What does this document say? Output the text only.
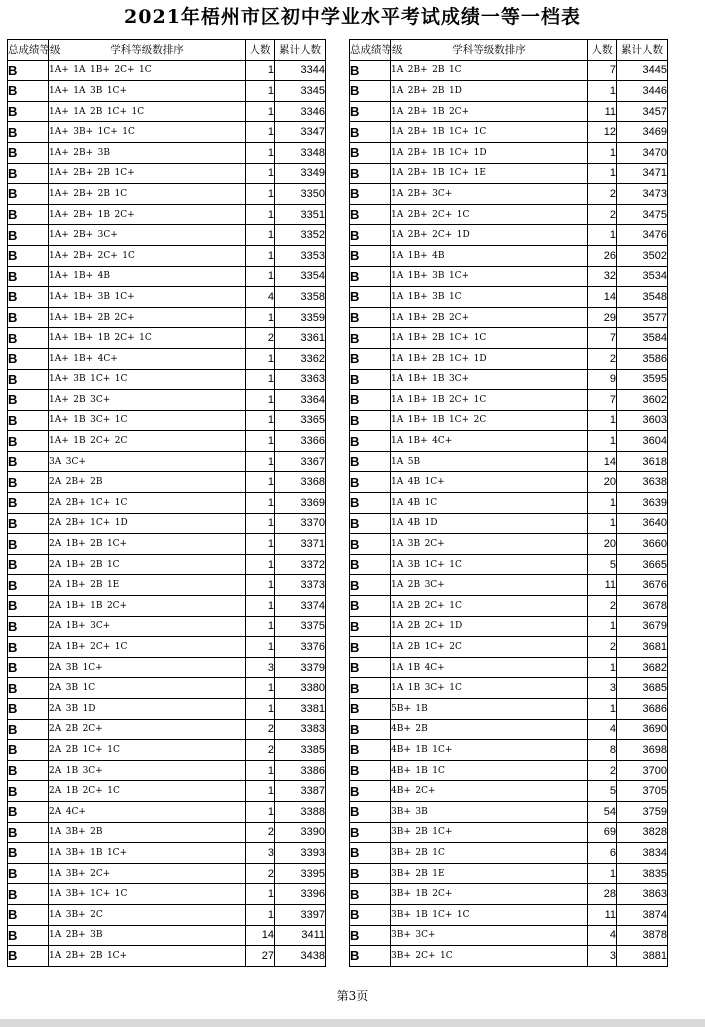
2021年梧州市区初中学业水平考试成绩一等一档表
总成绩等级	学科等级数排序	人数	累计人数
B	1A+ 1A 1B+ 2C+ 1C	1	3344
B	1A+ 1A 3B 1C+	1	3345
B	1A+ 1A 2B 1C+ 1C	1	3346
B	1A+ 3B+ 1C+ 1C	1	3347
B	1A+ 2B+ 3B	1	3348
B	1A+ 2B+ 2B 1C+	1	3349
B	1A+ 2B+ 2B 1C	1	3350
B	1A+ 2B+ 1B 2C+	1	3351
B	1A+ 2B+ 3C+	1	3352
B	1A+ 2B+ 2C+ 1C	1	3353
B	1A+ 1B+ 4B	1	3354
B	1A+ 1B+ 3B 1C+	4	3358
B	1A+ 1B+ 2B 2C+	1	3359
B	1A+ 1B+ 1B 2C+ 1C	2	3361
B	1A+ 1B+ 4C+	1	3362
B	1A+ 3B 1C+ 1C	1	3363
B	1A+ 2B 3C+	1	3364
B	1A+ 1B 3C+ 1C	1	3365
B	1A+ 1B 2C+ 2C	1	3366
B	3A 3C+	1	3367
B	2A 2B+ 2B	1	3368
B	2A 2B+ 1C+ 1C	1	3369
B	2A 2B+ 1C+ 1D	1	3370
B	2A 1B+ 2B 1C+	1	3371
B	2A 1B+ 2B 1C	1	3372
B	2A 1B+ 2B 1E	1	3373
B	2A 1B+ 1B 2C+	1	3374
B	2A 1B+ 3C+	1	3375
B	2A 1B+ 2C+ 1C	1	3376
B	2A 3B 1C+	3	3379
B	2A 3B 1C	1	3380
B	2A 3B 1D	1	3381
B	2A 2B 2C+	2	3383
B	2A 2B 1C+ 1C	2	3385
B	2A 1B 3C+	1	3386
B	2A 1B 2C+ 1C	1	3387
B	2A 4C+	1	3388
B	1A 3B+ 2B	2	3390
B	1A 3B+ 1B 1C+	3	3393
B	1A 3B+ 2C+	2	3395
B	1A 3B+ 1C+ 1C	1	3396
B	1A 3B+ 2C	1	3397
B	1A 2B+ 3B	14	3411
B	1A 2B+ 2B 1C+	27	3438
总成绩等级	学科等级数排序	人数	累计人数
B	1A 2B+ 2B 1C	7	3445
B	1A 2B+ 2B 1D	1	3446
B	1A 2B+ 1B 2C+	11	3457
B	1A 2B+ 1B 1C+ 1C	12	3469
B	1A 2B+ 1B 1C+ 1D	1	3470
B	1A 2B+ 1B 1C+ 1E	1	3471
B	1A 2B+ 3C+	2	3473
B	1A 2B+ 2C+ 1C	2	3475
B	1A 2B+ 2C+ 1D	1	3476
B	1A 1B+ 4B	26	3502
B	1A 1B+ 3B 1C+	32	3534
B	1A 1B+ 3B 1C	14	3548
B	1A 1B+ 2B 2C+	29	3577
B	1A 1B+ 2B 1C+ 1C	7	3584
B	1A 1B+ 2B 1C+ 1D	2	3586
B	1A 1B+ 1B 3C+	9	3595
B	1A 1B+ 1B 2C+ 1C	7	3602
B	1A 1B+ 1B 1C+ 2C	1	3603
B	1A 1B+ 4C+	1	3604
B	1A 5B	14	3618
B	1A 4B 1C+	20	3638
B	1A 4B 1C	1	3639
B	1A 4B 1D	1	3640
B	1A 3B 2C+	20	3660
B	1A 3B 1C+ 1C	5	3665
B	1A 2B 3C+	11	3676
B	1A 2B 2C+ 1C	2	3678
B	1A 2B 2C+ 1D	1	3679
B	1A 2B 1C+ 2C	2	3681
B	1A 1B 4C+	1	3682
B	1A 1B 3C+ 1C	3	3685
B	5B+ 1B	1	3686
B	4B+ 2B	4	3690
B	4B+ 1B 1C+	8	3698
B	4B+ 1B 1C	2	3700
B	4B+ 2C+	5	3705
B	3B+ 3B	54	3759
B	3B+ 2B 1C+	69	3828
B	3B+ 2B 1C	6	3834
B	3B+ 2B 1E	1	3835
B	3B+ 1B 2C+	28	3863
B	3B+ 1B 1C+ 1C	11	3874
B	3B+ 3C+	4	3878
B	3B+ 2C+ 1C	3	3881
第3页
